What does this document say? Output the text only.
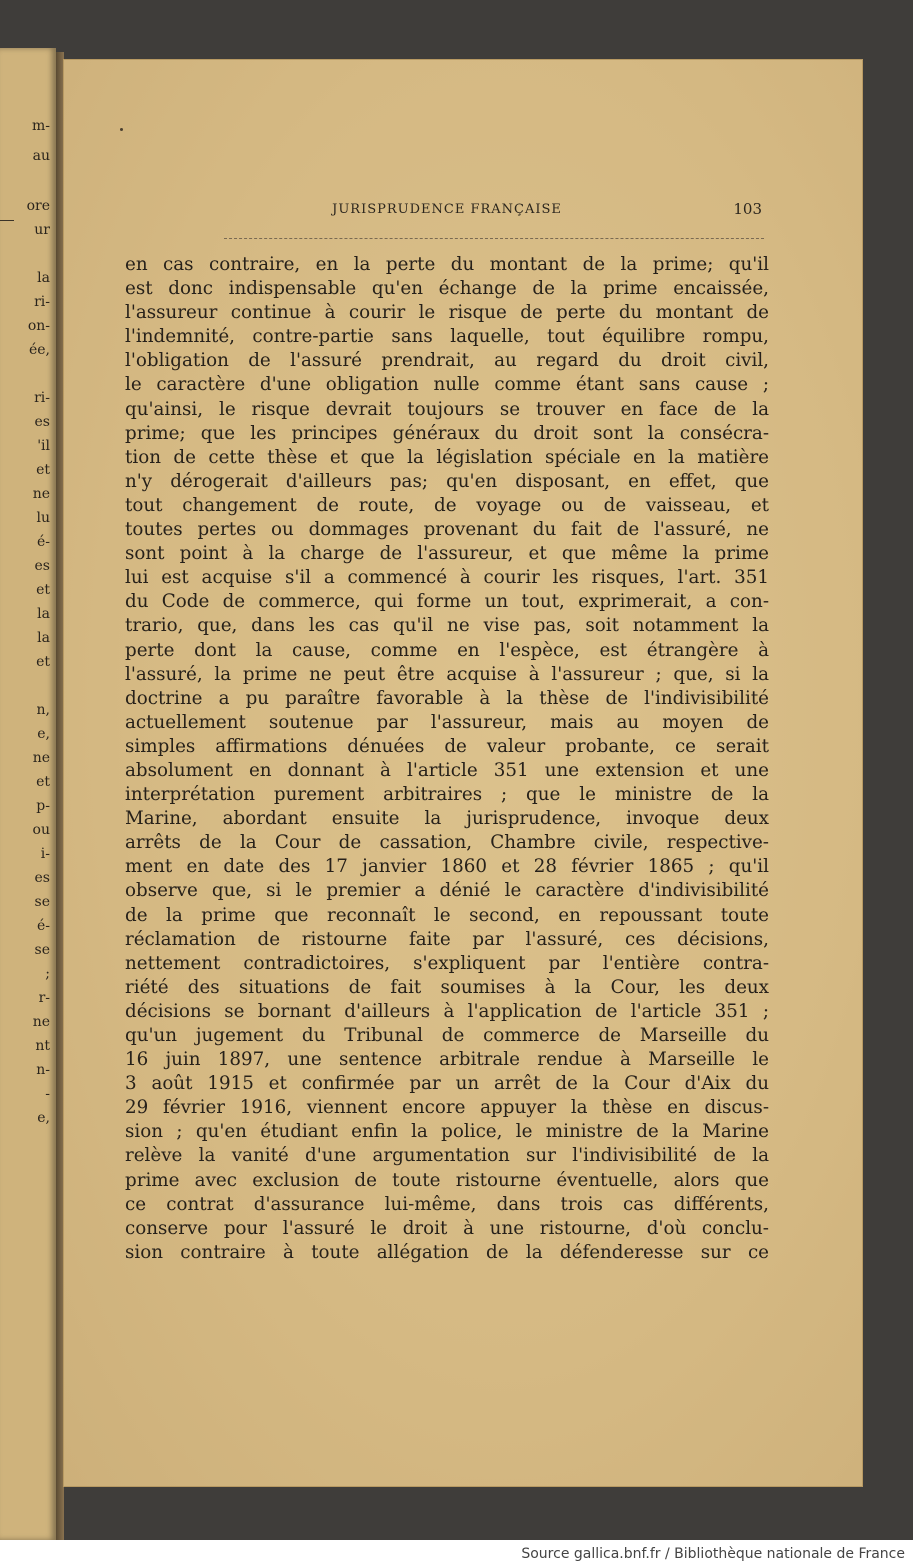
m-
au
ore
ur
la
ri-
on-
ée,
ri-
es
'il
et
ne
lu
é-
es
et
la
la
et
n,
e,
ne
et
p-
ou
i-
es
se
é-
se
;
r-
ne
nt
n-
-
e,
JURISPRUDENCE FRANÇAISE	103
en cas contraire, en la perte du montant de la prime; qu'il
est donc indispensable qu'en échange de la prime encaissée,
l'assureur continue à courir le risque de perte du montant de
l'indemnité, contre-partie sans laquelle, tout équilibre rompu,
l'obligation de l'assuré prendrait, au regard du droit civil,
le caractère d'une obligation nulle comme étant sans cause ;
qu'ainsi, le risque devrait toujours se trouver en face de la
prime; que les principes généraux du droit sont la consécra-
tion de cette thèse et que la législation spéciale en la matière
n'y dérogerait d'ailleurs pas; qu'en disposant, en effet, que
tout changement de route, de voyage ou de vaisseau, et
toutes pertes ou dommages provenant du fait de l'assuré, ne
sont point à la charge de l'assureur, et que même la prime
lui est acquise s'il a commencé à courir les risques, l'art. 351
du Code de commerce, qui forme un tout, exprimerait, a con-
trario, que, dans les cas qu'il ne vise pas, soit notamment la
perte dont la cause, comme en l'espèce, est étrangère à
l'assuré, la prime ne peut être acquise à l'assureur ; que, si la
doctrine a pu paraître favorable à la thèse de l'indivisibilité
actuellement soutenue par l'assureur, mais au moyen de
simples affirmations dénuées de valeur probante, ce serait
absolument en donnant à l'article 351 une extension et une
interprétation purement arbitraires ; que le ministre de la
Marine, abordant ensuite la jurisprudence, invoque deux
arrêts de la Cour de cassation, Chambre civile, respective-
ment en date des 17 janvier 1860 et 28 février 1865 ; qu'il
observe que, si le premier a dénié le caractère d'indivisibilité
de la prime que reconnaît le second, en repoussant toute
réclamation de ristourne faite par l'assuré, ces décisions,
nettement contradictoires, s'expliquent par l'entière contra-
riété des situations de fait soumises à la Cour, les deux
décisions se bornant d'ailleurs à l'application de l'article 351 ;
qu'un jugement du Tribunal de commerce de Marseille du
16 juin 1897, une sentence arbitrale rendue à Marseille le
3 août 1915 et confirmée par un arrêt de la Cour d'Aix du
29 février 1916, viennent encore appuyer la thèse en discus-
sion ; qu'en étudiant enfin la police, le ministre de la Marine
relève la vanité d'une argumentation sur l'indivisibilité de la
prime avec exclusion de toute ristourne éventuelle, alors que
ce contrat d'assurance lui-même, dans trois cas différents,
conserve pour l'assuré le droit à une ristourne, d'où conclu-
sion contraire à toute allégation de la défenderesse sur ce
Source gallica.bnf.fr / Bibliothèque nationale de France
